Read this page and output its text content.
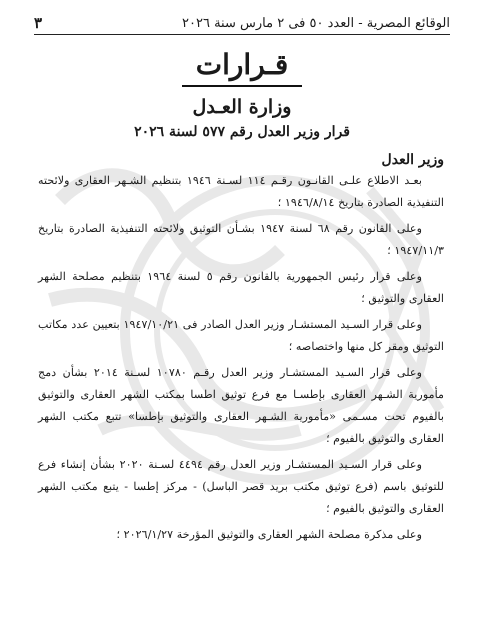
الوقائع المصرية - العدد ٥٠ فى ٢ مارس سنة ٢٠٢٦
٣
قـرارات
وزارة العـدل
قرار وزير العدل رقم ٥٧٧ لسنة ٢٠٢٦
وزير العدل

بعـد الاطلاع علـى القانـون رقـم ١١٤ لسـنة ١٩٤٦ بتنظيم الشـهر العقارى ولائحته التنفيذية الصادرة بتاريخ ١٩٤٦/٨/١٤ ؛

وعلى القانون رقم ٦٨ لسنة ١٩٤٧ بشـأن التوثيق ولائحته التنفيذية الصادرة بتاريخ ١٩٤٧/١١/٣ ؛

وعلى قرار رئيس الجمهورية بالقانون رقم ٥ لسنة ١٩٦٤ بتنظيم مصلحة الشهر العقارى والتوثيق ؛

وعلى قرار السـيد المستشـار وزير العدل الصادر فى ١٩٤٧/١٠/٢١ بتعيين عدد مكاتب التوثيق ومقر كل منها واختصاصه ؛

وعلى قرار السـيد المستشـار وزير العدل رقـم ١٠٧٨٠ لسـنة ٢٠١٤ بشأن دمج مأمورية الشـهر العقارى بإطسـا مع فرع توثيق اطسا بمكتب الشهر العقارى والتوثيق بالفيوم تحت مسـمى «مأمورية الشـهر العقارى والتوثيق بإطسا» تتبع مكتب الشهر العقارى والتوثيق بالفيوم ؛

وعلى قرار السـيد المستشـار وزير العدل رقم ٤٤٩٤ لسـنة ٢٠٢٠ بشأن إنشاء فرع للتوثيق باسم (فرع توثيق مكتب بريد قصر الباسل) - مركز إطسا - يتبع مكتب الشهر العقارى والتوثيق بالفيوم ؛

وعلى مذكرة مصلحة الشهر العقارى والتوثيق المؤرخة ٢٠٢٦/١/٢٧ ؛
